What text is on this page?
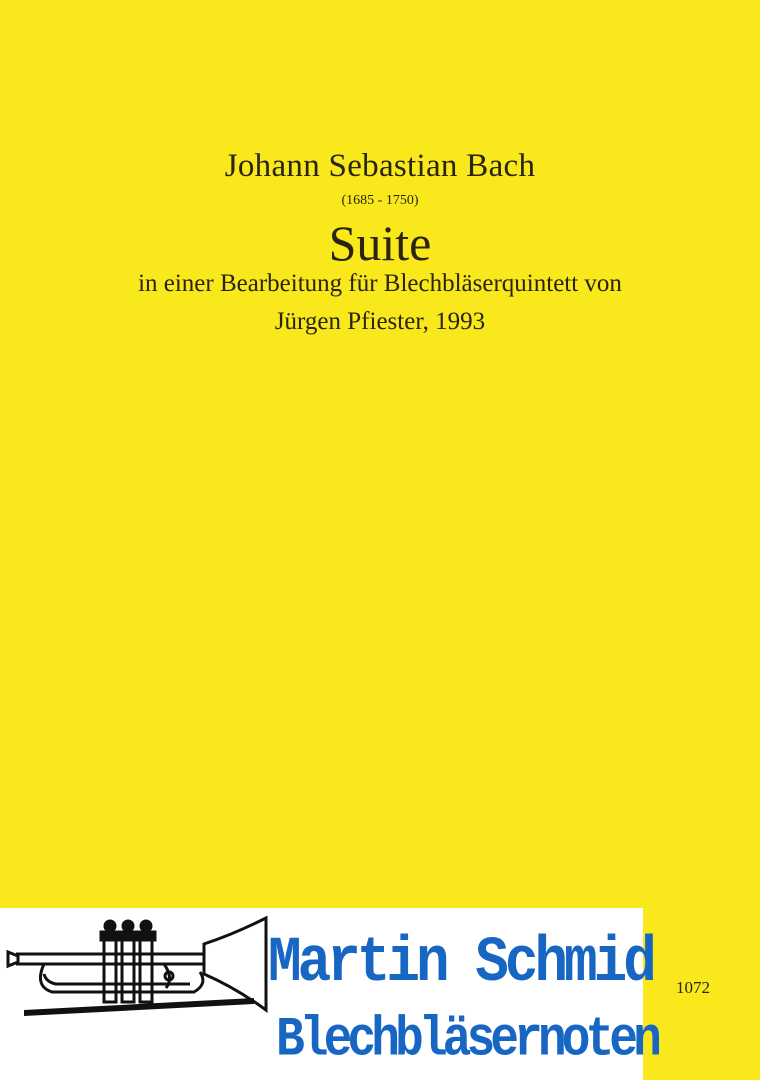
Johann Sebastian Bach
Suite
(1685 - 1750)
in einer Bearbeitung für Blechbläserquintett von
Jürgen Pfiester, 1993
Martin Schmid
Blechbläsernoten
1072
